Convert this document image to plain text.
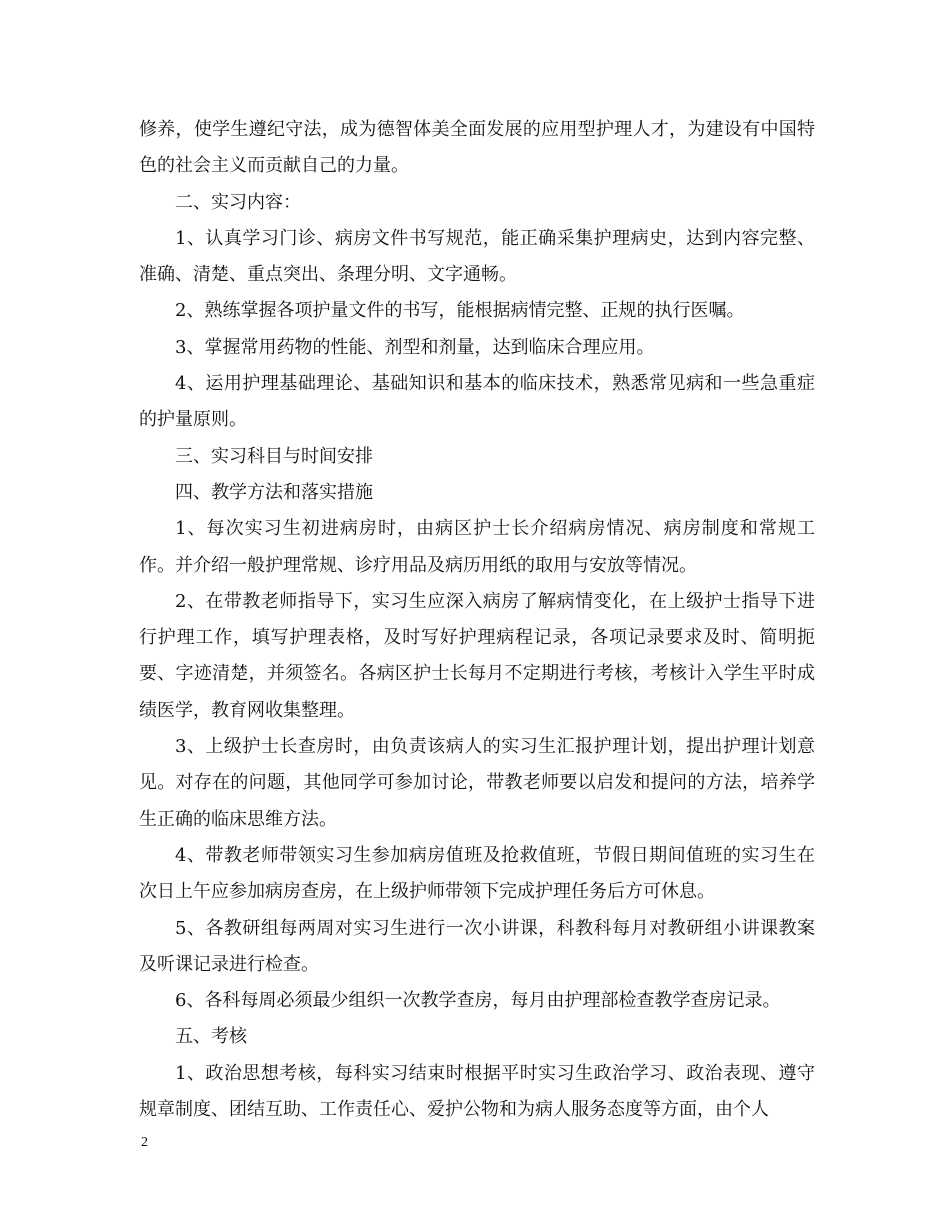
修养，使学生遵纪守法，成为德智体美全面发展的应用型护理人才，为建设有中国特色的社会主义而贡献自己的力量。

二、实习内容：

1、认真学习门诊、病房文件书写规范，能正确采集护理病史，达到内容完整、准确、清楚、重点突出、条理分明、文字通畅。

2、熟练掌握各项护量文件的书写，能根据病情完整、正规的执行医嘱。

3、掌握常用药物的性能、剂型和剂量，达到临床合理应用。

4、运用护理基础理论、基础知识和基本的临床技术，熟悉常见病和一些急重症的护量原则。

三、实习科目与时间安排

四、教学方法和落实措施

1、每次实习生初进病房时，由病区护士长介绍病房情况、病房制度和常规工作。并介绍一般护理常规、诊疗用品及病历用纸的取用与安放等情况。

2、在带教老师指导下，实习生应深入病房了解病情变化，在上级护士指导下进行护理工作，填写护理表格，及时写好护理病程记录，各项记录要求及时、简明扼要、字迹清楚，并须签名。各病区护士长每月不定期进行考核，考核计入学生平时成绩医学，教育网收集整理。

3、上级护士长查房时，由负责该病人的实习生汇报护理计划，提出护理计划意见。对存在的问题，其他同学可参加讨论，带教老师要以启发和提问的方法，培养学生正确的临床思维方法。

4、带教老师带领实习生参加病房值班及抢救值班，节假日期间值班的实习生在次日上午应参加病房查房，在上级护师带领下完成护理任务后方可休息。

5、各教研组每两周对实习生进行一次小讲课，科教科每月对教研组小讲课教案及听课记录进行检查。

6、各科每周必须最少组织一次教学查房，每月由护理部检查教学查房记录。

五、考核

1、政治思想考核，每科实习结束时根据平时实习生政治学习、政治表现、遵守规章制度、团结互助、工作责任心、爱护公物和为病人服务态度等方面，由个人

2
